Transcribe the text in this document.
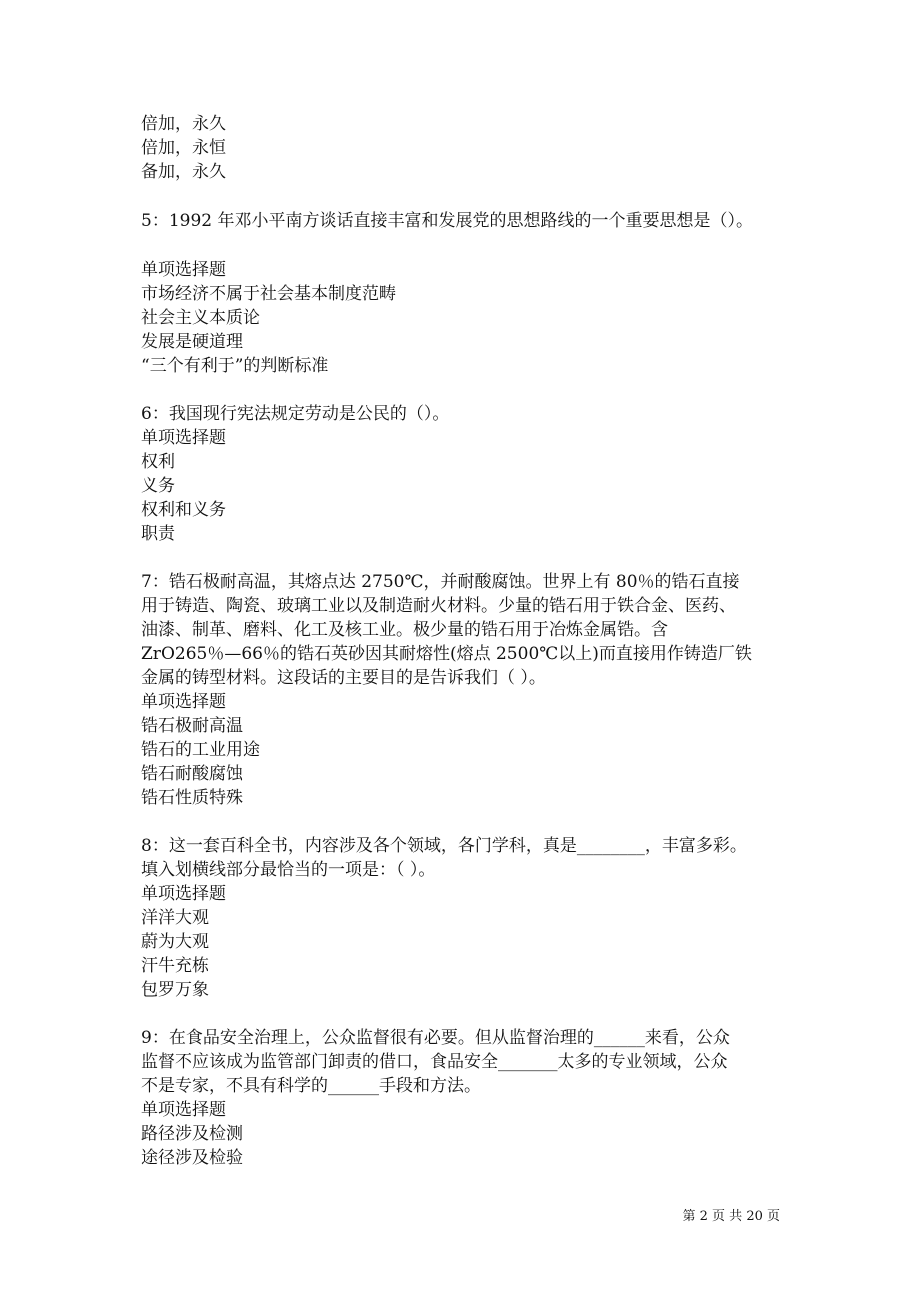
倍加，永久
倍加，永恒
备加，永久
5：1992 年邓小平南方谈话直接丰富和发展党的思想路线的一个重要思想是（）。
单项选择题
市场经济不属于社会基本制度范畴
社会主义本质论
发展是硬道理
“三个有利于”的判断标准
6：我国现行宪法规定劳动是公民的（）。
单项选择题
权利
义务
权利和义务
职责
7：锆石极耐高温，其熔点达 2750℃，并耐酸腐蚀。世界上有 80％的锆石直接
用于铸造、陶瓷、玻璃工业以及制造耐火材料。少量的锆石用于铁合金、医药、
油漆、制革、磨料、化工及核工业。极少量的锆石用于冶炼金属锆。含
ZrO265％—66％的锆石英砂因其耐熔性(熔点 2500℃以上)而直接用作铸造厂铁
金属的铸型材料。这段话的主要目的是告诉我们（ ）。
单项选择题
锆石极耐高温
锆石的工业用途
锆石耐酸腐蚀
锆石性质特殊
8：这一套百科全书，内容涉及各个领域，各门学科，真是________，丰富多彩。
填入划横线部分最恰当的一项是：（ ）。
单项选择题
洋洋大观
蔚为大观
汗牛充栋
包罗万象
9：在食品安全治理上，公众监督很有必要。但从监督治理的______来看，公众
监督不应该成为监管部门卸责的借口，食品安全_______太多的专业领域，公众
不是专家，不具有科学的______手段和方法。
单项选择题
路径涉及检测
途径涉及检验
第 2 页 共 20 页
